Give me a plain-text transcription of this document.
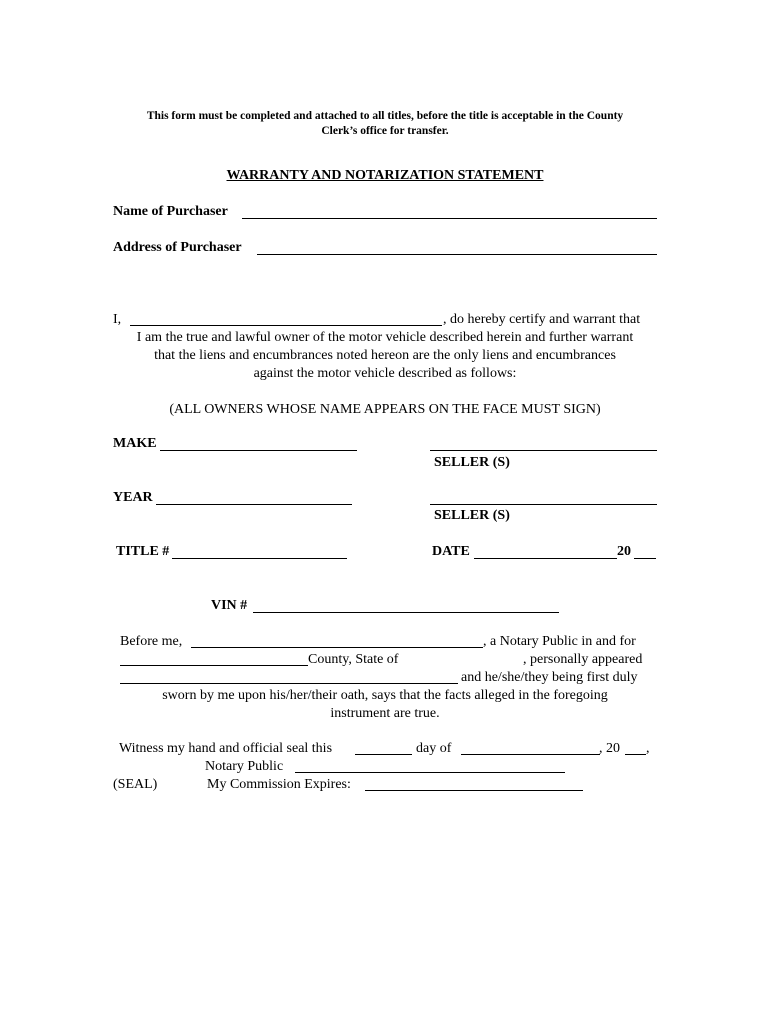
This form must be completed and attached to all titles, before the title is acceptable in the County
Clerk’s office for transfer.
WARRANTY AND NOTARIZATION STATEMENT
Name of Purchaser
Address of Purchaser
I,	, do hereby certify and warrant that
I am the true and lawful owner of the motor vehicle described herein and further warrant
that the liens and encumbrances noted hereon are the only liens and encumbrances
against the motor vehicle described as follows:
(ALL OWNERS WHOSE NAME APPEARS ON THE FACE MUST SIGN)
MAKE
SELLER (S)
YEAR
SELLER (S)
TITLE #	DATE	20
VIN #
Before me,	, a Notary Public in and for
County, State of	, personally appeared
and he/she/they being first duly
sworn by me upon his/her/their oath, says that the facts alleged in the foregoing
instrument are true.
Witness my hand and official seal this	day of	, 20 ,
Notary Public
(SEAL)	My Commission Expires:
